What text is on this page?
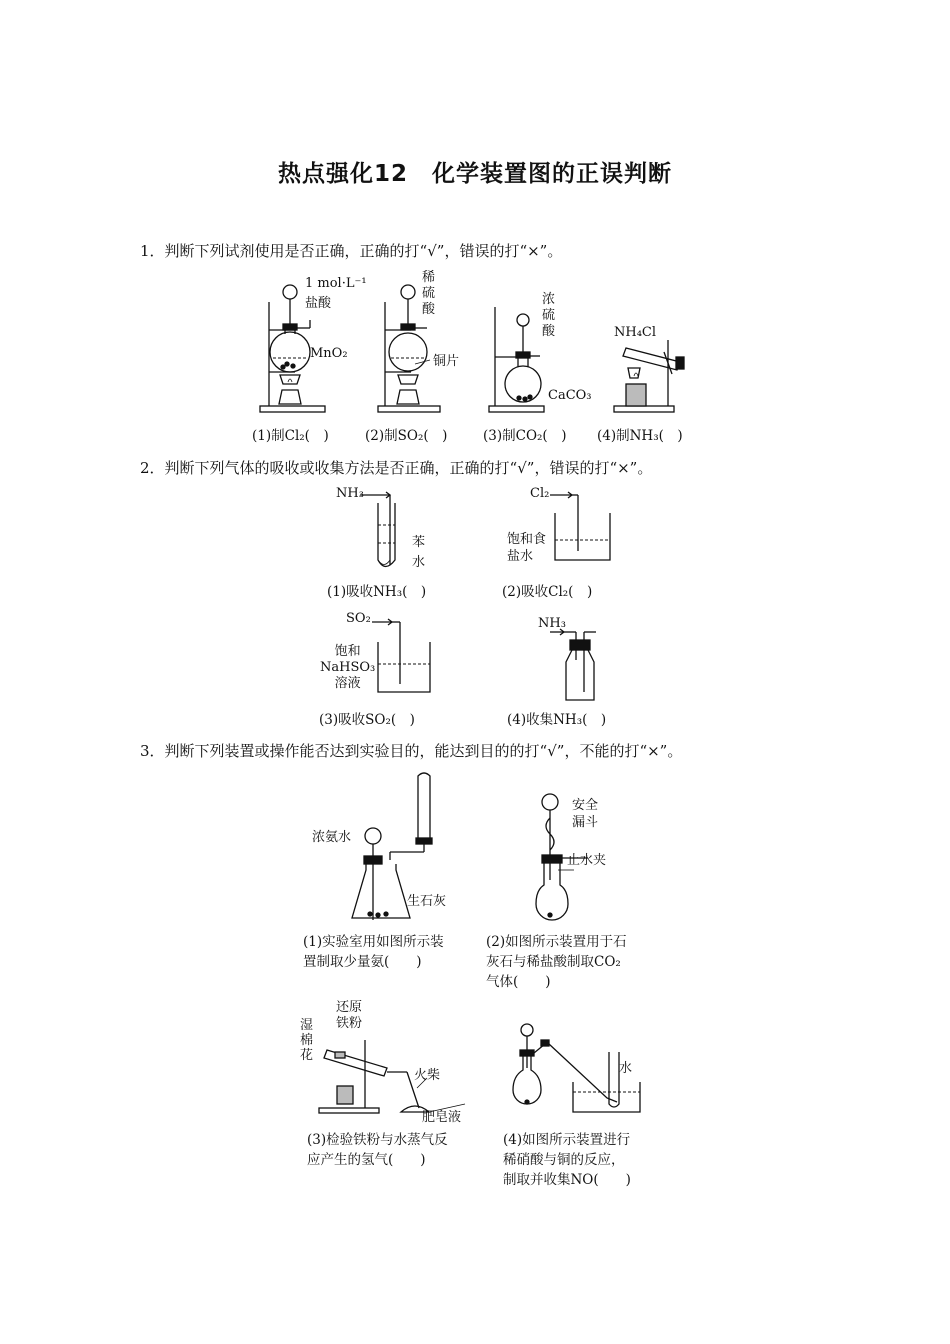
热点强化12　化学装置图的正误判断
1．判断下列试剂使用是否正确，正确的打“√”，错误的打“×”。
1 mol·L⁻¹
盐酸
MnO₂
稀
硫
酸
铜片
浓
硫
酸
CaCO₃
NH₄Cl
(1)制Cl₂(　)	(2)制SO₂(　)	(3)制CO₂(　) (4)制NH₃(　)
2．判断下列气体的吸收或收集方法是否正确，正确的打“√”，错误的打“×”。
NH₃
苯
水
Cl₂
饱和食
盐水
(1)吸收NH₃(　)	(2)吸收Cl₂(　)
SO₂
饱和
NaHSO₃
溶液
NH₃
(3)吸收SO₂(　)	(4)收集NH₃(　)
3．判断下列装置或操作能否达到实验目的，能达到目的的打“√”，不能的打“×”。
浓氨水
生石灰
安全
漏斗
止水夹
(1)实验室用如图所示装
置制取少量氨(　　)
(2)如图所示装置用于石
灰石与稀盐酸制取CO₂
气体(　　)
还原
铁粉
湿
棉
花
火柴
肥皂液
水
(3)检验铁粉与水蒸气反
应产生的氢气(　　)
(4)如图所示装置进行
稀硝酸与铜的反应，
制取并收集NO(　　)
